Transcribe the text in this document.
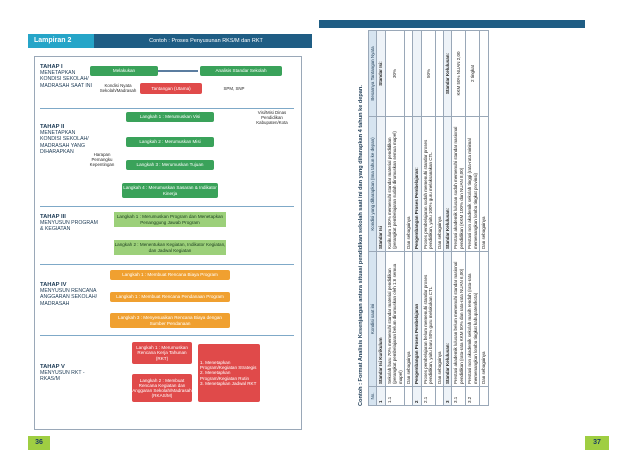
Lampiran 2	Contoh : Proses Penyusunan RKS/M dan RKT
TAHAP I
MENETAPKAN KONDISI SEKOLAH/ MADRASAH SAAT INI
TAHAP II
MENETAPKAN KONDISI SEKOLAH/ MADRASAH YANG DIHARAPKAN
TAHAP III
MENYUSUN PROGRAM & KEGIATAN
TAHAP IV
MENYUSUN RENCANA ANGGARAN SEKOLAH/ MADRASAH
TAHAP V
MENYUSUN RKT - RKAS/M
Melakukan	Analisis Standar Sekolah
Tantangan (Utama)
Kondisi Nyata Sekolah/Madrasah	SPM, SNP
Visi/Misi Dinas Pendidikan Kabupaten/Kota
Langkah 1 : Merumuskan Visi
Langkah 2 : Merumuskan Misi
Harapan Pemangku Kepentingan	Langkah 3 : Merumuskan Tujuan
Langkah 4 : Merumuskan Sasaran & Indikator Kinerja
Langkah 1 : Merumuskan Program dan Menetapkan Penanggung Jawab Program
Langkah 2 : Menentukan Kegiatan, Indikator Kegiatan, dan Jadwal Kegiatan
Langkah 1 : Membuat Rencana Biaya Program
Langkah 1 : Membuat Rencana Pendanaan Program
Langkah 3 : Menyesuaikan Rencana Biaya dengan Sumber Pendanaan
Langkah 1 : Merumuskan Rencana Kerja Tahunan (RKT)
Langkah 2 : Membuat Rencana Kegiatan dan Anggaran Sekolah/Madrasah (RKAS/M)
1. Menetapkan Program/Kegiatan Strategis
2. Menetapkan Program/Kegiatan Rutin
3. Menetapkan Jadwal RKT
36	37
Contoh : Format Analisis Kesenjangan antara situasi pendidikan sekolah saat ini dan yang diharapkan 4 tahun ke depan.	No.	Kondisi saat ini	Kondisi yang diharapkan (Ima tahun ke depan)	Besarnya Tantangan Nyata
1	Standar Isi Kurikulum	Standar Isi	Standar Isi:
1.1	Sekolah baru 70% memenuhi standar material pendidikan (perangkat pembelajaran belum dirumuskan oleh 1:6 semua mapel)	Kurikulum 100% memenuhi standar material pendidikan (perangkat pembelajaran sudah dirumuskan semua mapel)	30%
	Dan sebagainya	Dan sebagainya	
2	Pengembangan Proses Pembelajaran	Pengembangan Proses Pembelajaran:	
2.1	Proses pembelajaran belum memenuhi standar proses pendidikan, yaitu baru 50% guru melakukan CTL	Proses pembelajaran sudah memenuhi standar proses pendidikan, yaitu 100% guru melaksanakan CTL	50%
	Dan sebagainya	Dan sebagainya	
3	Standar Kelulusan:	Standar Kelulusan:	Standar Kelulusan:
3.1	Prestasi akademik lulusan belum memenuhi standar nasional pendidikan (rata-rata KKM 50% dan rata-rata NUAN 6,00)	Prestasi akademik lulusan sudah memenuhi standar nasional pendidikan (KKM 100% dan NUAN 8,00)	KKM 50% NUAN 2,00
3.2	Prestasi non akademik sekolah masih rendah (rata-rata memenangkan lomba tingkat kabupaten/kota)	Prestasi non akademik sekolah tinggi (rata-rata minimal memenangkan lomba tingkat provinsi)	2 tingkat
	Dan sebagainya	Dan sebagainya	
